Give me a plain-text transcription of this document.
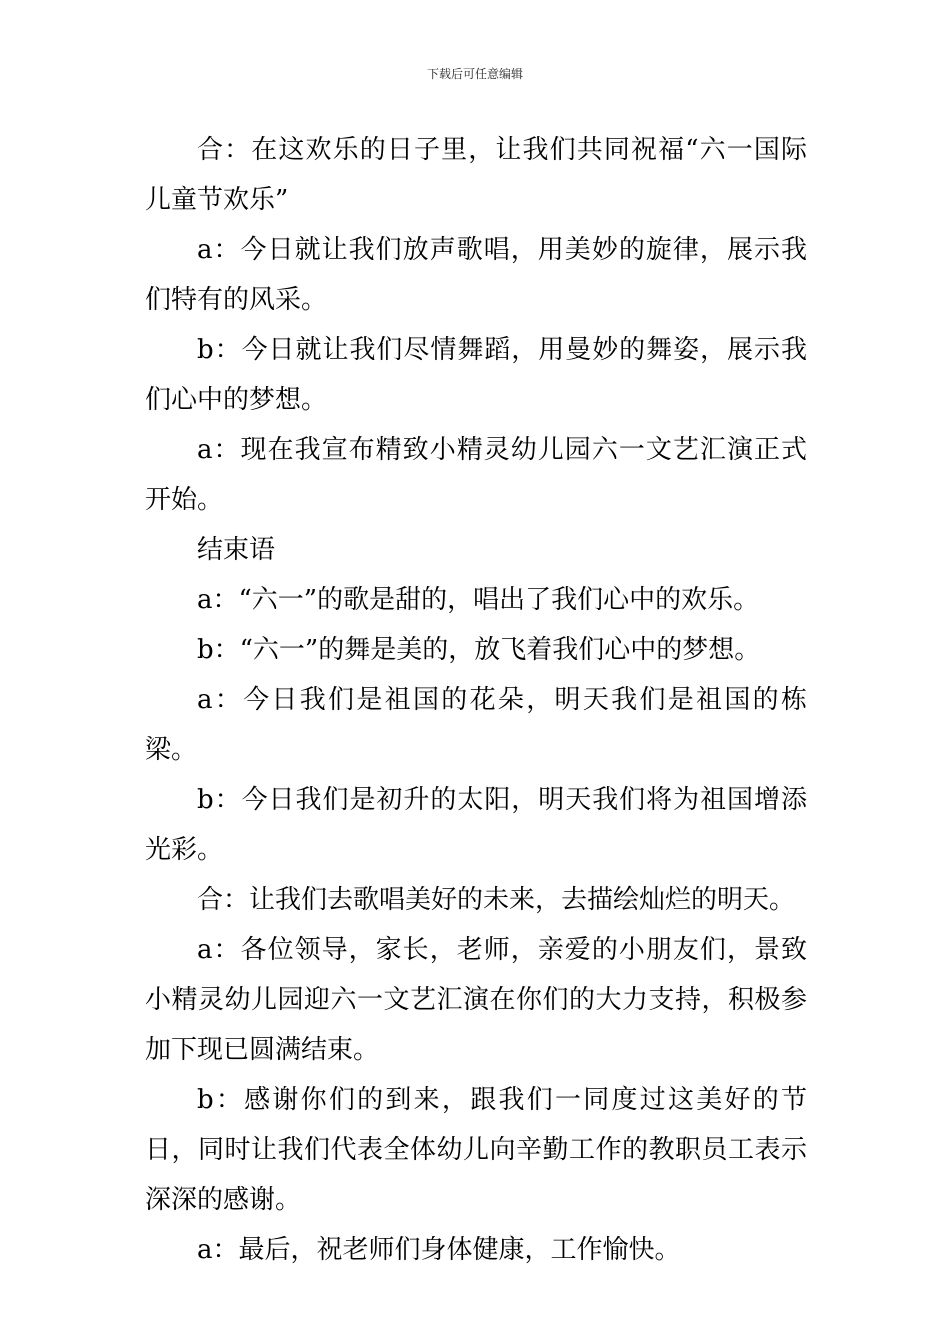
下载后可任意编辑

合：在这欢乐的日子里，让我们共同祝福“六一国际儿童节欢乐”

a：今日就让我们放声歌唱，用美妙的旋律，展示我们特有的风采。

b：今日就让我们尽情舞蹈，用曼妙的舞姿，展示我们心中的梦想。

a：现在我宣布精致小精灵幼儿园六一文艺汇演正式开始。

结束语

a：“六一”的歌是甜的，唱出了我们心中的欢乐。

b：“六一”的舞是美的，放飞着我们心中的梦想。

a：今日我们是祖国的花朵，明天我们是祖国的栋梁。

b：今日我们是初升的太阳，明天我们将为祖国增添光彩。

合：让我们去歌唱美好的未来，去描绘灿烂的明天。

a：各位领导，家长，老师，亲爱的小朋友们，景致小精灵幼儿园迎六一文艺汇演在你们的大力支持，积极参加下现已圆满结束。

b：感谢你们的到来，跟我们一同度过这美好的节日，同时让我们代表全体幼儿向辛勤工作的教职员工表示深深的感谢。

a：最后，祝老师们身体健康，工作愉快。
